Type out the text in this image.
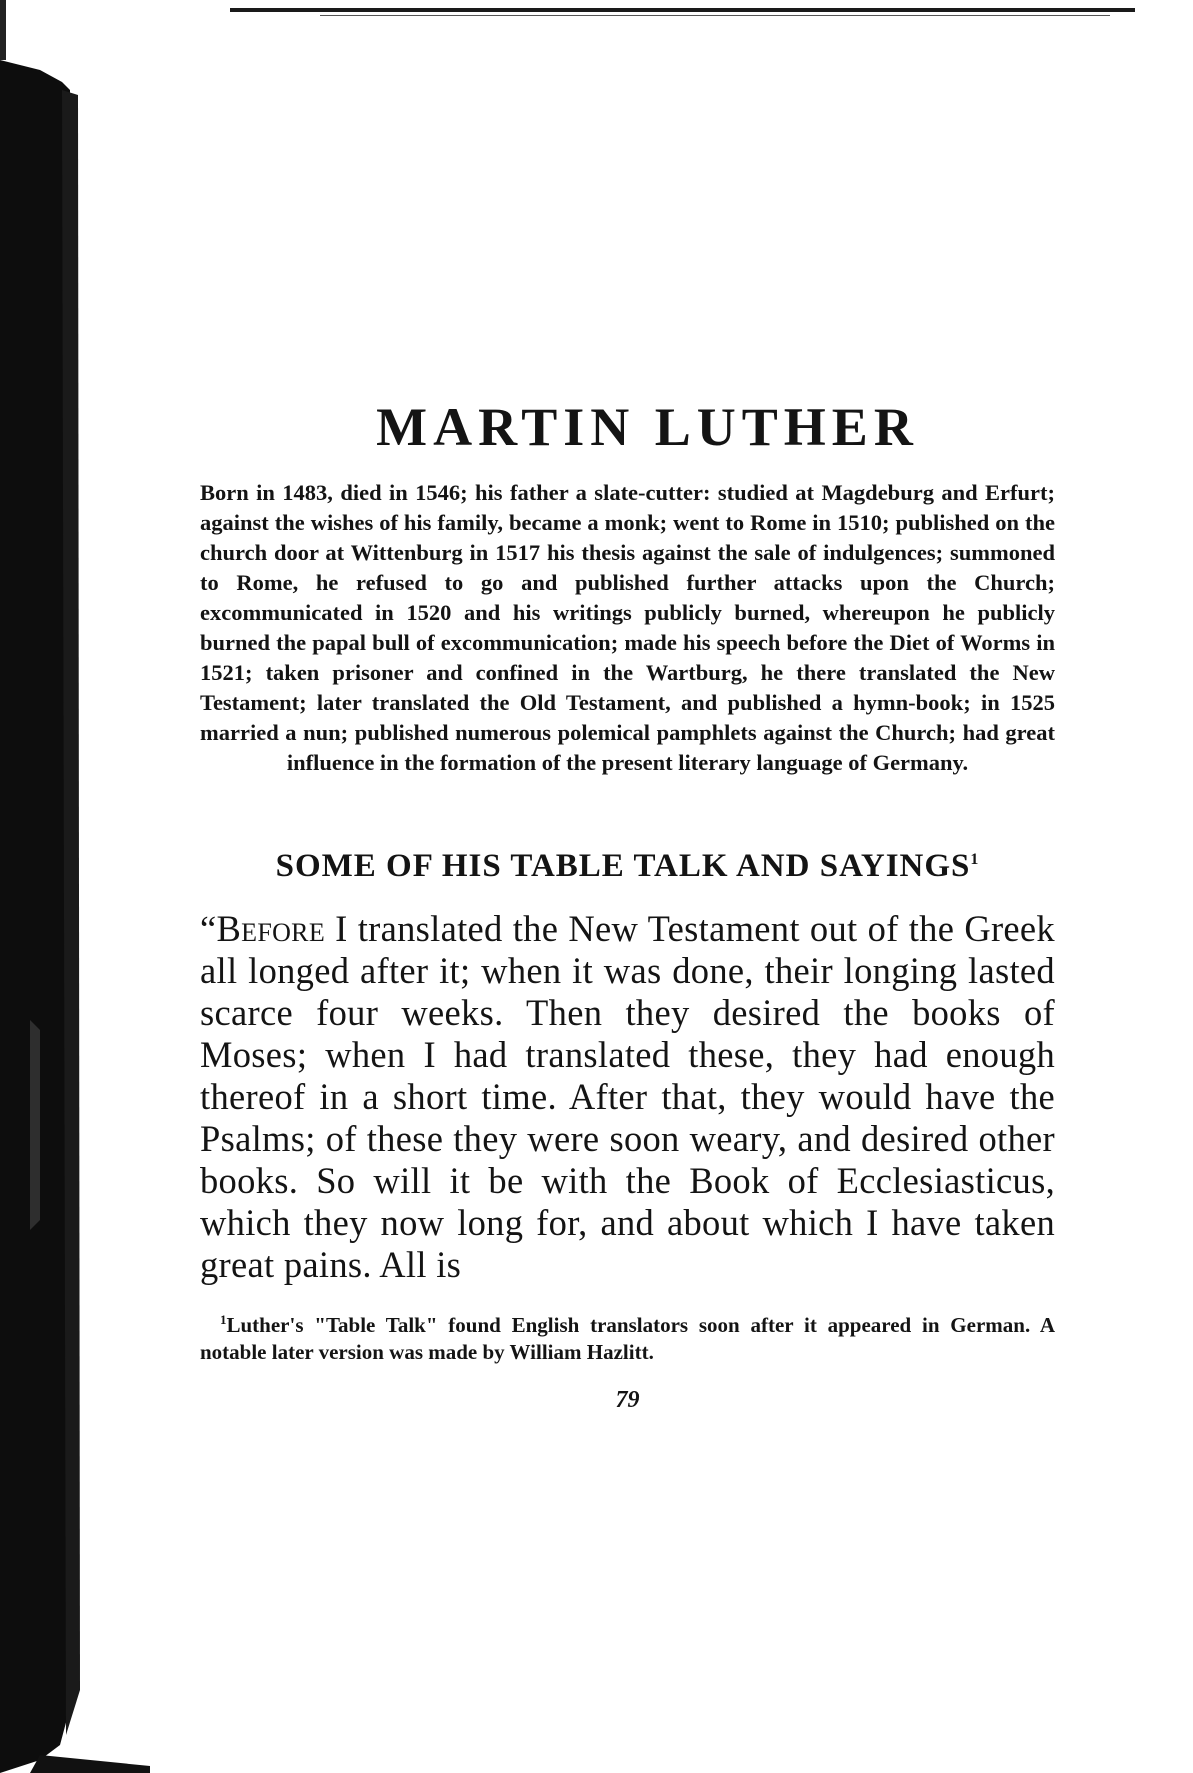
MARTIN LUTHER

Born in 1483, died in 1546; his father a slate-cutter: studied at Magdeburg and Erfurt; against the wishes of his family, became a monk; went to Rome in 1510; published on the church door at Wittenburg in 1517 his thesis against the sale of indulgences; summoned to Rome, he refused to go and published further attacks upon the Church; excommunicated in 1520 and his writings publicly burned, whereupon he publicly burned the papal bull of excommunication; made his speech before the Diet of Worms in 1521; taken prisoner and confined in the Wartburg, he there translated the New Testament; later translated the Old Testament, and published a hymn-book; in 1525 married a nun; published numerous polemical pamphlets against the Church; had great influence in the formation of the present literary language of Germany.

SOME OF HIS TABLE TALK AND SAYINGS$^1$

“Before I translated the New Testament out of the Greek all longed after it; when it was done, their longing lasted scarce four weeks. Then they desired the books of Moses; when I had translated these, they had enough thereof in a short time. After that, they would have the Psalms; of these they were soon weary, and desired other books. So will it be with the Book of Ecclesiasticus, which they now long for, and about which I have taken great pains. All is

$^1$Luther's "Table Talk" found English translators soon after it appeared in German. A notable later version was made by William Hazlitt.

79
